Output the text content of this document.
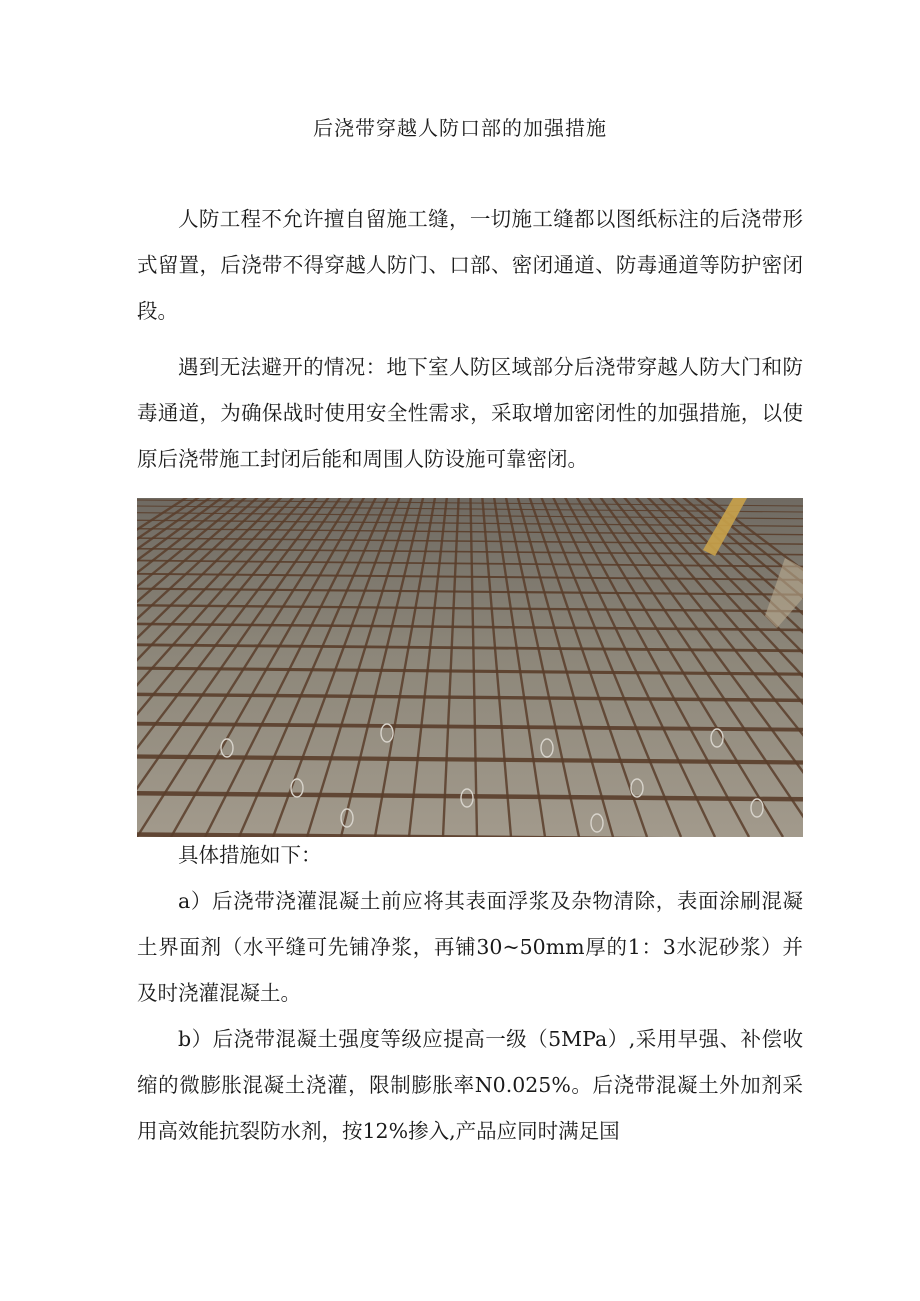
后浇带穿越人防口部的加强措施

人防工程不允许擅自留施工缝，一切施工缝都以图纸标注的后浇带形式留置，后浇带不得穿越人防门、口部、密闭通道、防毒通道等防护密闭段。

遇到无法避开的情况：地下室人防区域部分后浇带穿越人防大门和防毒通道，为确保战时使用安全性需求，采取增加密闭性的加强措施，以使原后浇带施工封闭后能和周围人防设施可靠密闭。

具体措施如下：

a）后浇带浇灌混凝土前应将其表面浮浆及杂物清除，表面涂刷混凝土界面剂（水平缝可先铺净浆，再铺30~50mm厚的1：3水泥砂浆）并及时浇灌混凝土。

b）后浇带混凝土强度等级应提高一级（5MPa）,采用早强、补偿收缩的微膨胀混凝土浇灌，限制膨胀率N0.025%。后浇带混凝土外加剂采用高效能抗裂防水剂，按12%掺入,产品应同时满足国
